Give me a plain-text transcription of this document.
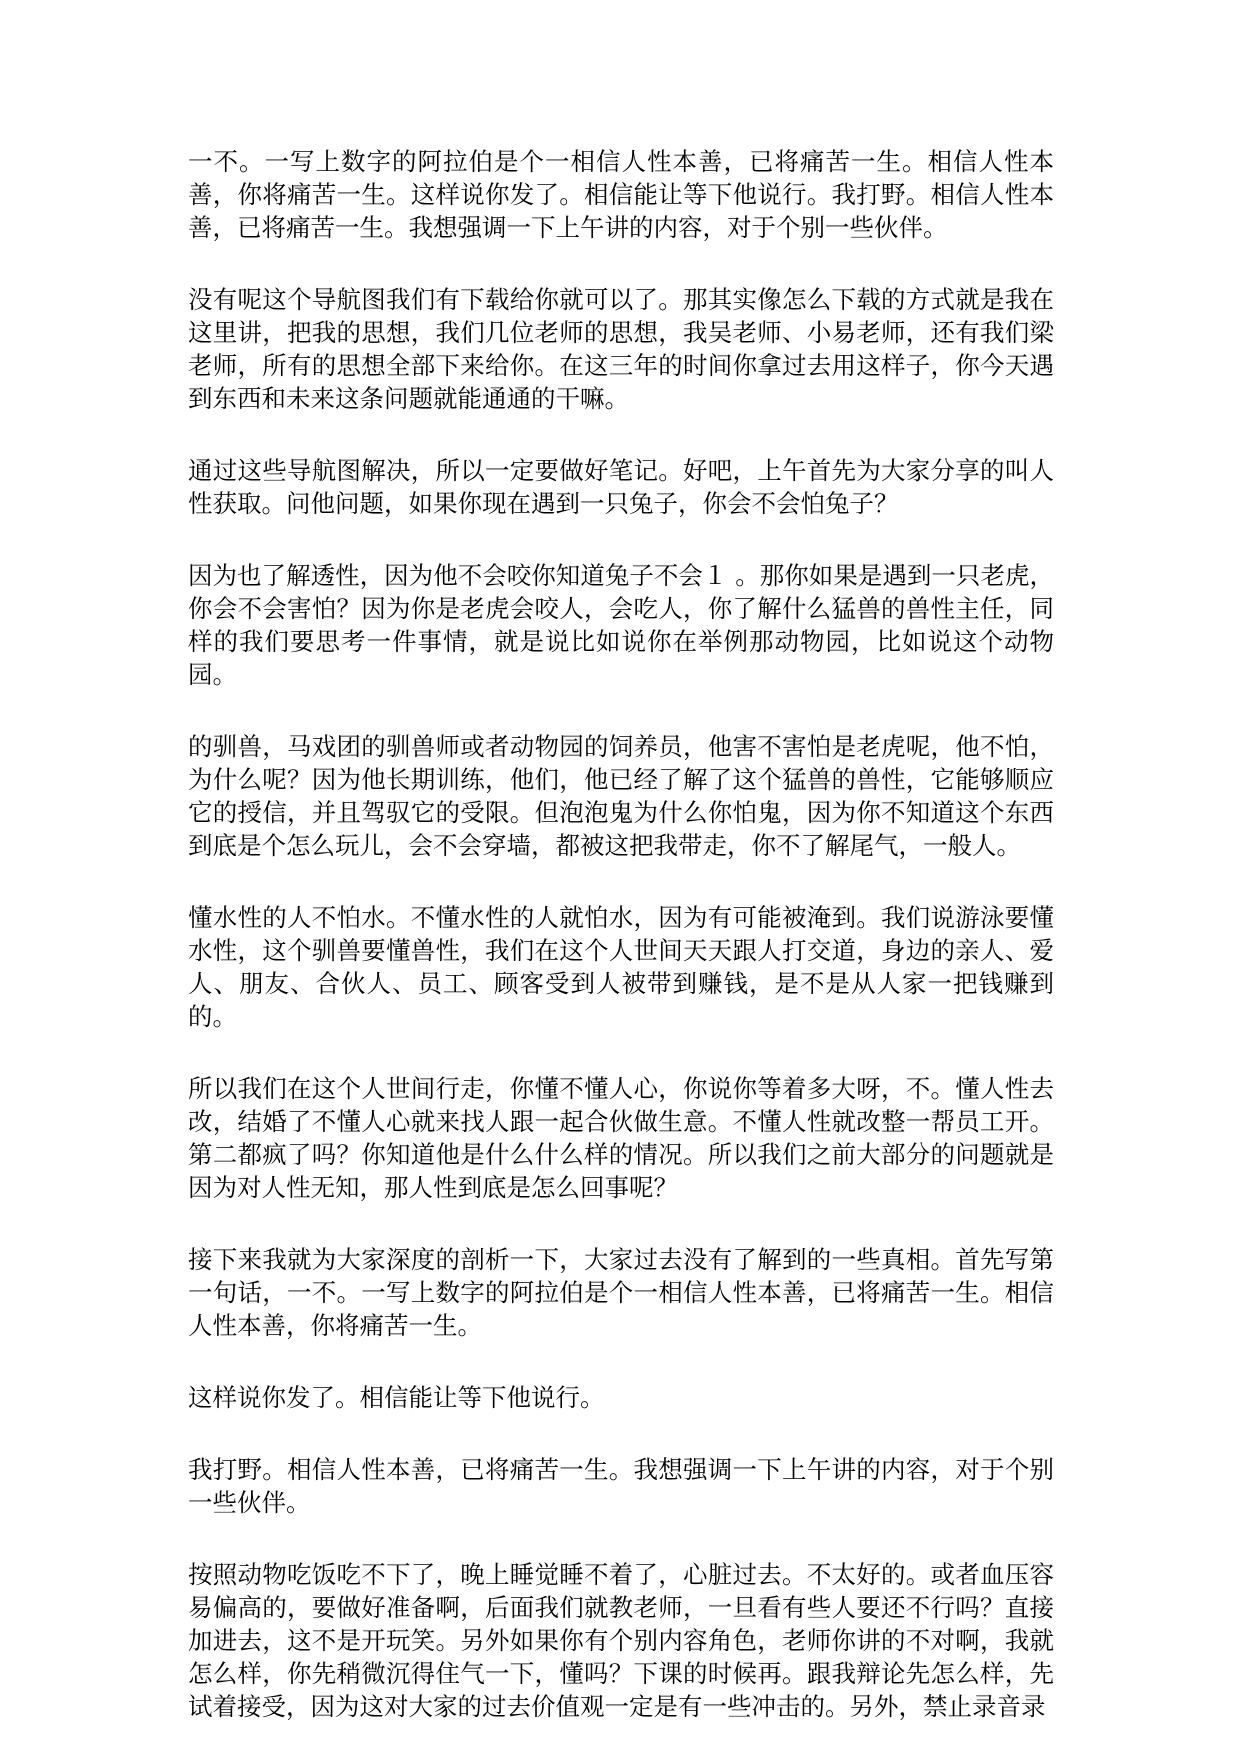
一不。一写上数字的阿拉伯是个一相信人性本善，已将痛苦一生。相信人性本善，你将痛苦一生。这样说你发了。相信能让等下他说行。我打野。相信人性本善，已将痛苦一生。我想强调一下上午讲的内容，对于个别一些伙伴。

没有呢这个导航图我们有下载给你就可以了。那其实像怎么下载的方式就是我在这里讲，把我的思想，我们几位老师的思想，我吴老师、小易老师，还有我们梁老师，所有的思想全部下来给你。在这三年的时间你拿过去用这样子，你今天遇到东西和未来这条问题就能通通的干嘛。

通过这些导航图解决，所以一定要做好笔记。好吧，上午首先为大家分享的叫人性获取。问他问题，如果你现在遇到一只兔子，你会不会怕兔子？

因为也了解透性，因为他不会咬你知道兔子不会１ 。那你如果是遇到一只老虎，你会不会害怕？因为你是老虎会咬人，会吃人，你了解什么猛兽的兽性主任，同样的我们要思考一件事情，就是说比如说你在举例那动物园，比如说这个动物园。

的驯兽，马戏团的驯兽师或者动物园的饲养员，他害不害怕是老虎呢，他不怕，为什么呢？因为他长期训练，他们，他已经了解了这个猛兽的兽性，它能够顺应它的授信，并且驾驭它的受限。但泡泡鬼为什么你怕鬼，因为你不知道这个东西到底是个怎么玩儿，会不会穿墙，都被这把我带走，你不了解尾气，一般人。

懂水性的人不怕水。不懂水性的人就怕水，因为有可能被淹到。我们说游泳要懂水性，这个驯兽要懂兽性，我们在这个人世间天天跟人打交道，身边的亲人、爱人、朋友、合伙人、员工、顾客受到人被带到赚钱，是不是从人家一把钱赚到的。

所以我们在这个人世间行走，你懂不懂人心，你说你等着多大呀，不。懂人性去改，结婚了不懂人心就来找人跟一起合伙做生意。不懂人性就改整一帮员工开。第二都疯了吗？你知道他是什么什么样的情况。所以我们之前大部分的问题就是因为对人性无知，那人性到底是怎么回事呢？

接下来我就为大家深度的剖析一下，大家过去没有了解到的一些真相。首先写第一句话，一不。一写上数字的阿拉伯是个一相信人性本善，已将痛苦一生。相信人性本善，你将痛苦一生。

这样说你发了。相信能让等下他说行。

我打野。相信人性本善，已将痛苦一生。我想强调一下上午讲的内容，对于个别一些伙伴。

按照动物吃饭吃不下了，晚上睡觉睡不着了，心脏过去。不太好的。或者血压容易偏高的，要做好准备啊，后面我们就教老师，一旦看有些人要还不行吗？直接加进去，这不是开玩笑。另外如果你有个别内容角色，老师你讲的不对啊，我就怎么样，你先稍微沉得住气一下，懂吗？下课的时候再。跟我辩论先怎么样，先试着接受，因为这对大家的过去价值观一定是有一些冲击的。另外，禁止录音录
